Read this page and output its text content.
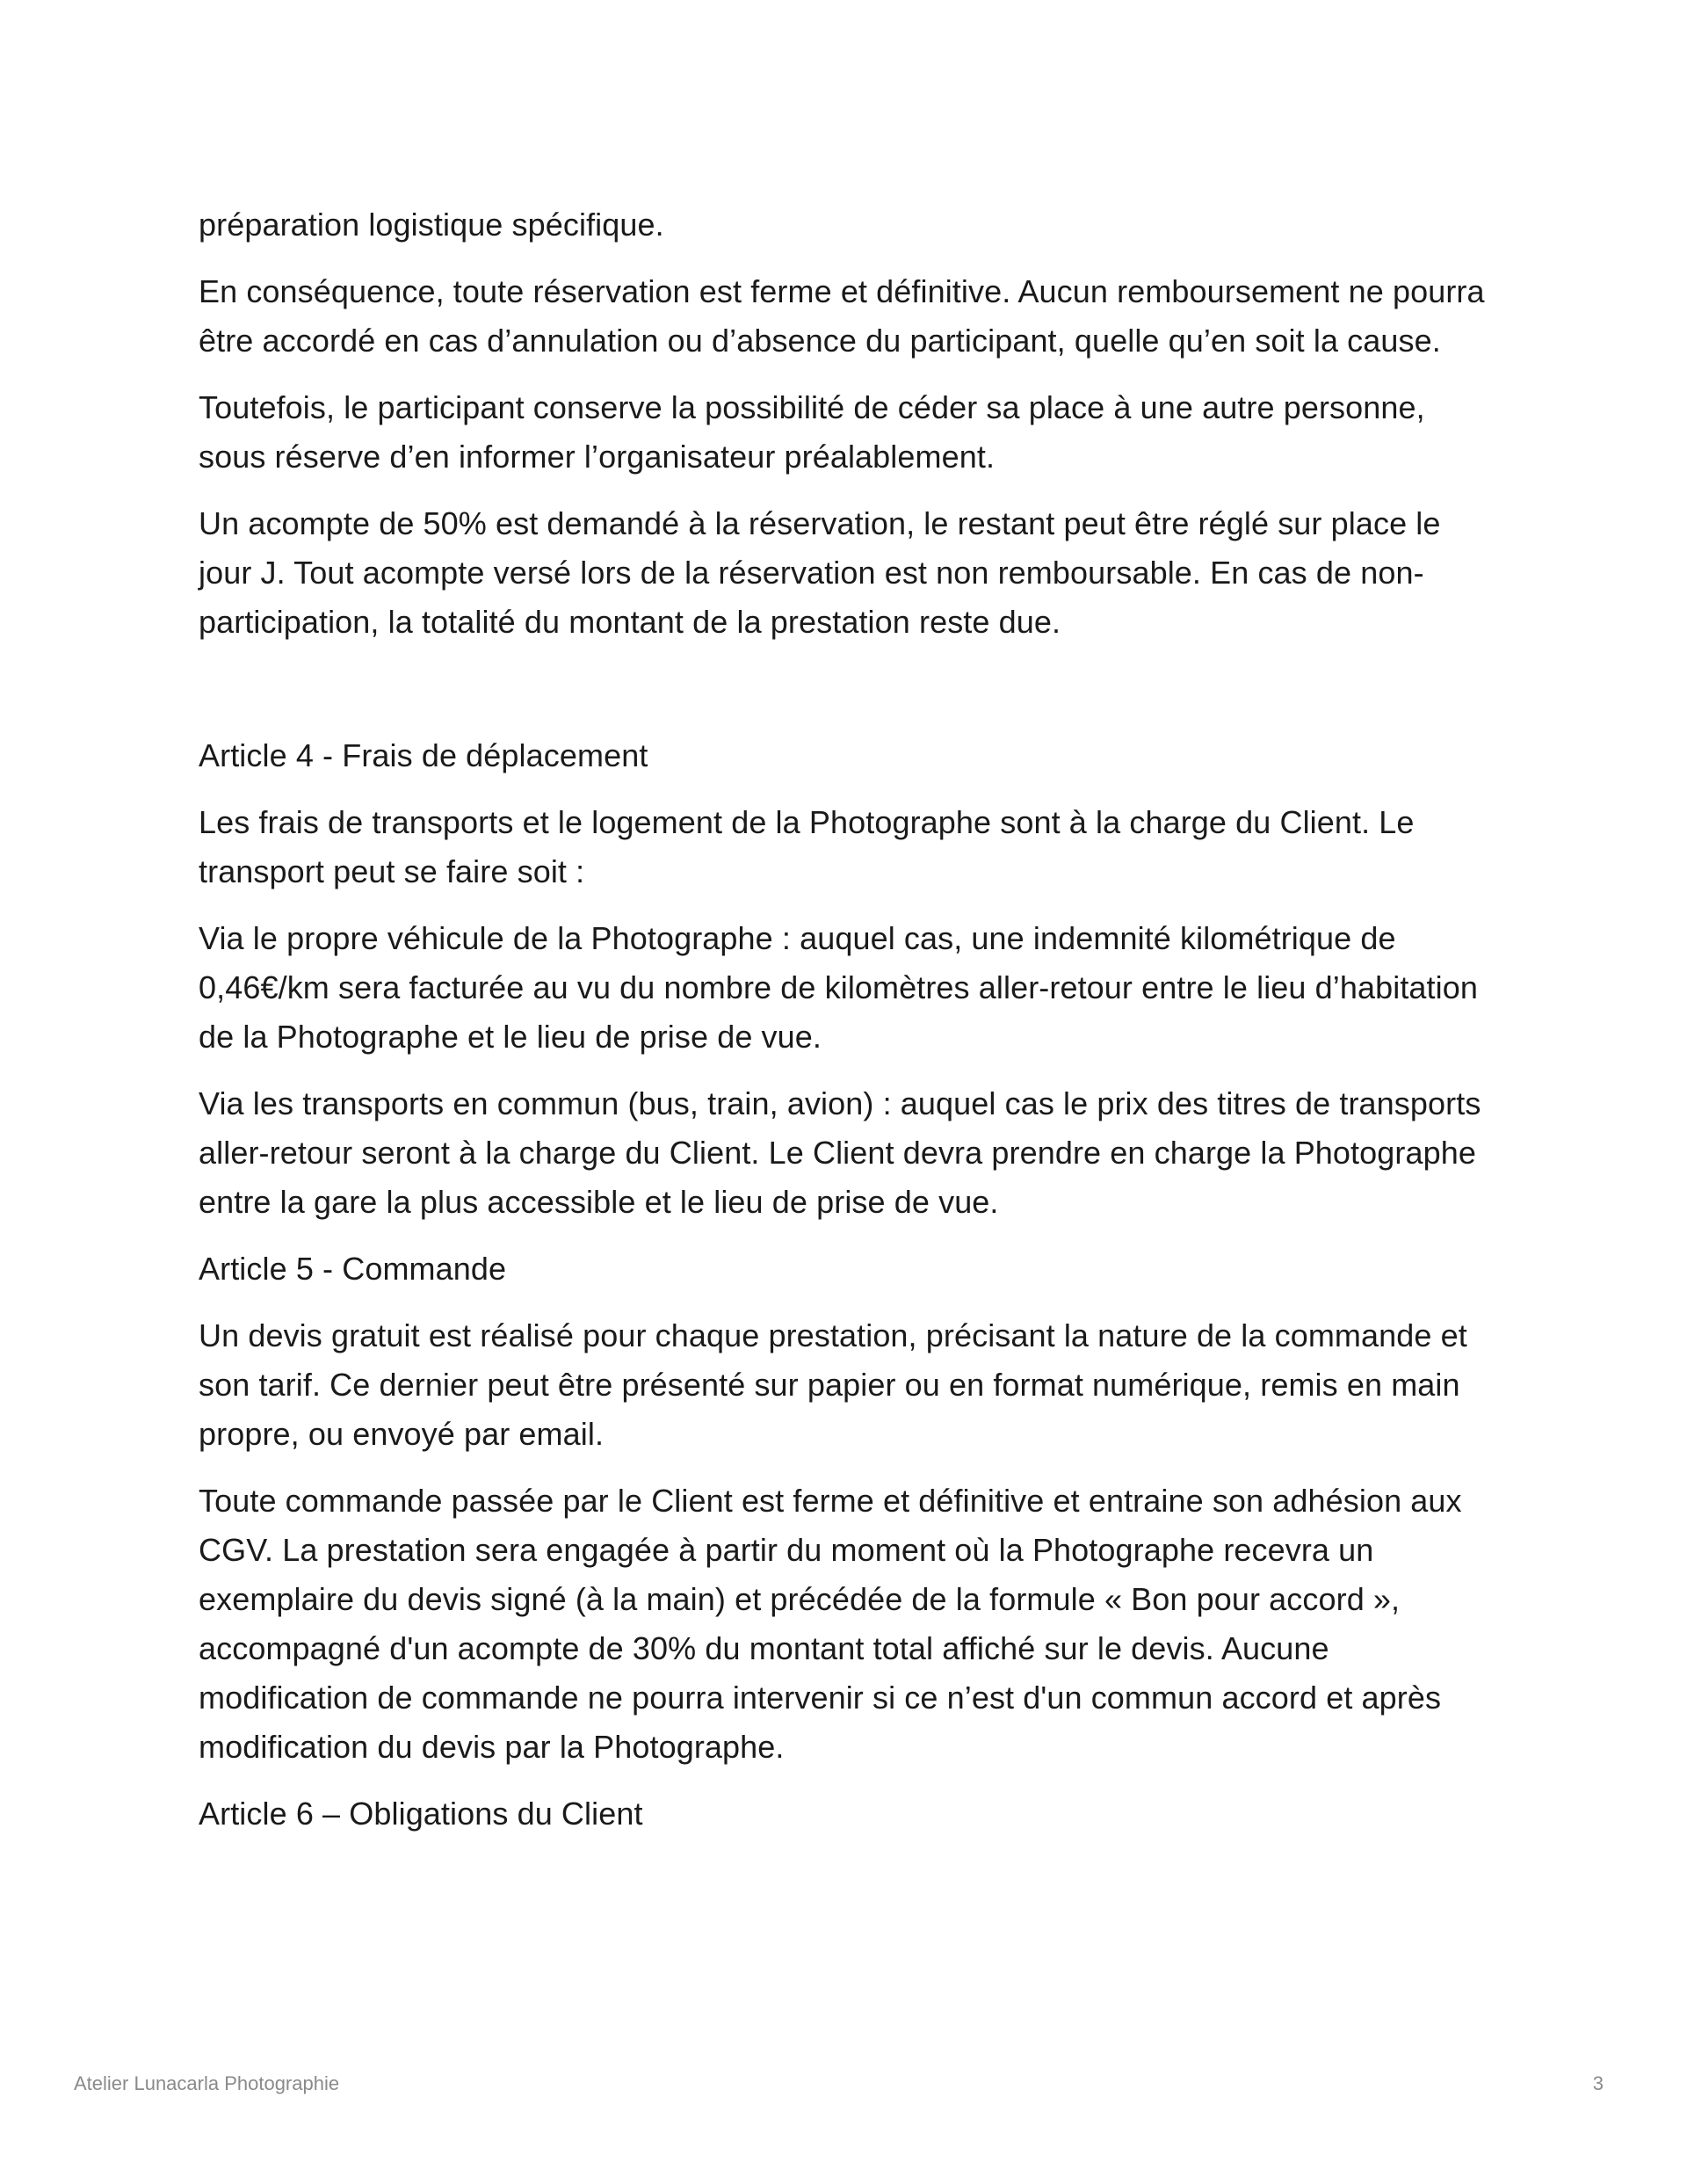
préparation logistique spécifique.

En conséquence, toute réservation est ferme et définitive. Aucun remboursement ne pourra être accordé en cas d’annulation ou d’absence du participant, quelle qu’en soit la cause.

Toutefois, le participant conserve la possibilité de céder sa place à une autre personne, sous réserve d’en informer l’organisateur préalablement.

Un acompte de 50% est demandé à la réservation, le restant peut être réglé sur place le jour J. Tout acompte versé lors de la réservation est non remboursable. En cas de non-participation, la totalité du montant de la prestation reste due.

Article 4 - Frais de déplacement

Les frais de transports et le logement de la Photographe sont à la charge du Client. Le transport peut se faire soit :

Via le propre véhicule de la Photographe : auquel cas, une indemnité kilométrique de 0,46€/km sera facturée au vu du nombre de kilomètres aller-retour entre le lieu d’habitation de la Photographe et le lieu de prise de vue.

Via les transports en commun (bus, train, avion) : auquel cas le prix des titres de transports aller-retour seront à la charge du Client. Le Client devra prendre en charge la Photographe entre la gare la plus accessible et le lieu de prise de vue.

Article 5 - Commande

Un devis gratuit est réalisé pour chaque prestation, précisant la nature de la commande et son tarif. Ce dernier peut être présenté sur papier ou en format numérique, remis en main propre, ou envoyé par email.

Toute commande passée par le Client est ferme et définitive et entraine son adhésion aux CGV. La prestation sera engagée à partir du moment où la Photographe recevra un exemplaire du devis signé (à la main) et précédée de la formule « Bon pour accord », accompagné d'un acompte de 30% du montant total affiché sur le devis. Aucune modification de commande ne pourra intervenir si ce n’est d'un commun accord et après modification du devis par la Photographe.

Article 6 – Obligations du Client

Atelier Lunacarla Photographie	3
